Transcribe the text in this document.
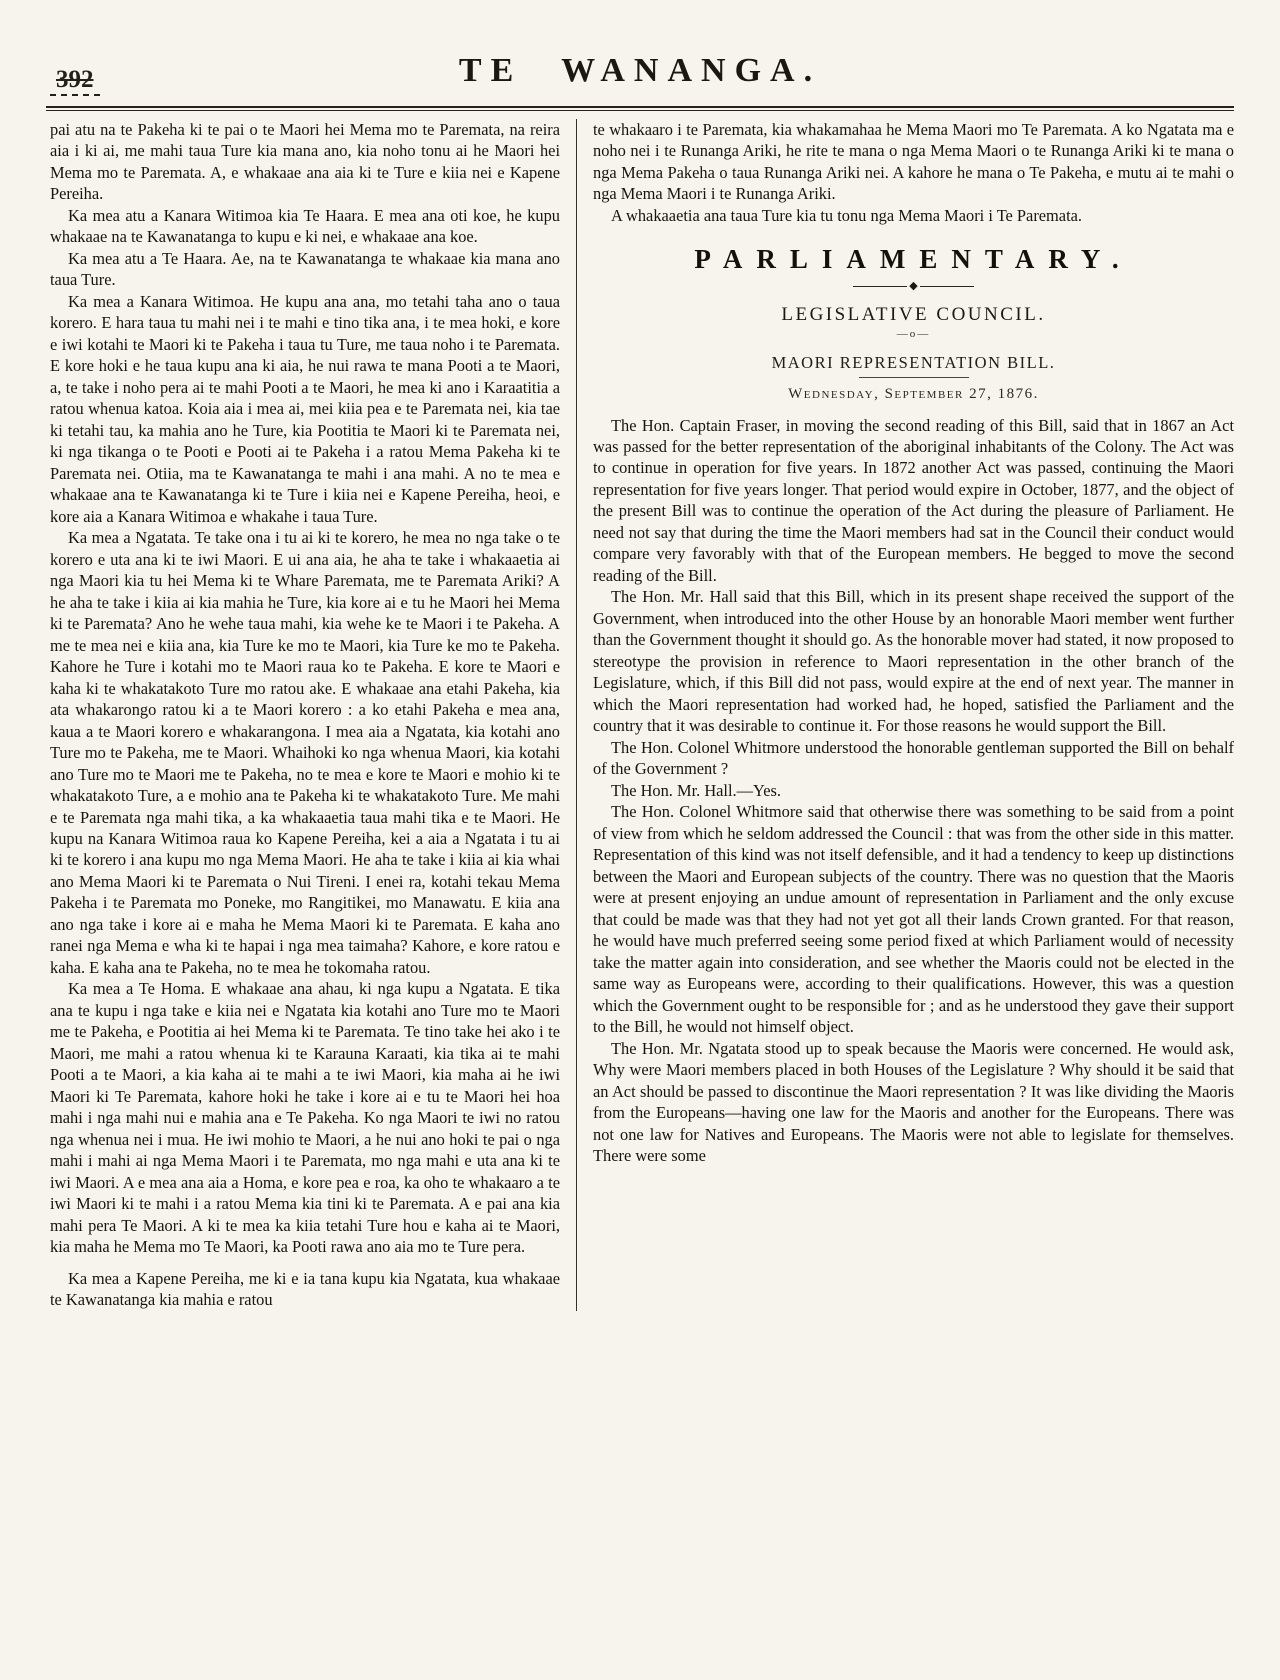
392	TE WANANGA.

pai atu na te Pakeha ki te pai o te Maori hei Mema mo te Paremata, na reira aia i ki ai, me mahi taua Ture kia mana ano, kia noho tonu ai he Maori hei Mema mo te Paremata. A, e whakaae ana aia ki te Ture e kiia nei e Kapene Pereiha.

Ka mea atu a Kanara Witimoa kia Te Haara. E mea ana oti koe, he kupu whakaae na te Kawanatanga to kupu e ki nei, e whakaae ana koe.

Ka mea atu a Te Haara. Ae, na te Kawanatanga te whakaae kia mana ano taua Ture.

Ka mea a Kanara Witimoa. He kupu ana ana, mo tetahi taha ano o taua korero. E hara taua tu mahi nei i te mahi e tino tika ana, i te mea hoki, e kore e iwi kotahi te Maori ki te Pakeha i taua tu Ture, me taua noho i te Paremata. E kore hoki e he taua kupu ana ki aia, he nui rawa te mana Pooti a te Maori, a, te take i noho pera ai te mahi Pooti a te Maori, he mea ki ano i Karaatitia a ratou whenua katoa. Koia aia i mea ai, mei kiia pea e te Paremata nei, kia tae ki tetahi tau, ka mahia ano he Ture, kia Pootitia te Maori ki te Paremata nei, ki nga tikanga o te Pooti e Pooti ai te Pakeha i a ratou Mema Pakeha ki te Paremata nei. Otiia, ma te Kawanatanga te mahi i ana mahi. A no te mea e whakaae ana te Kawanatanga ki te Ture i kiia nei e Kapene Pereiha, heoi, e kore aia a Kanara Witimoa e whakahe i taua Ture.

Ka mea a Ngatata. Te take ona i tu ai ki te korero, he mea no nga take o te korero e uta ana ki te iwi Maori. E ui ana aia, he aha te take i whakaaetia ai nga Maori kia tu hei Mema ki te Whare Paremata, me te Paremata Ariki? A he aha te take i kiia ai kia mahia he Ture, kia kore ai e tu he Maori hei Mema ki te Paremata? Ano he wehe taua mahi, kia wehe ke te Maori i te Pakeha. A me te mea nei e kiia ana, kia Ture ke mo te Maori, kia Ture ke mo te Pakeha. Kahore he Ture i kotahi mo te Maori raua ko te Pakeha. E kore te Maori e kaha ki te whakatakoto Ture mo ratou ake. E whakaae ana etahi Pakeha, kia ata whakarongo ratou ki a te Maori korero : a ko etahi Pakeha e mea ana, kaua a te Maori korero e whakarangona. I mea aia a Ngatata, kia kotahi ano Ture mo te Pakeha, me te Maori. Whaihoki ko nga whenua Maori, kia kotahi ano Ture mo te Maori me te Pakeha, no te mea e kore te Maori e mohio ki te whakatakoto Ture, a e mohio ana te Pakeha ki te whakatakoto Ture. Me mahi e te Paremata nga mahi tika, a ka whakaaetia taua mahi tika e te Maori. He kupu na Kanara Witimoa raua ko Kapene Pereiha, kei a aia a Ngatata i tu ai ki te korero i ana kupu mo nga Mema Maori. He aha te take i kiia ai kia whai ano Mema Maori ki te Paremata o Nui Tireni. I enei ra, kotahi tekau Mema Pakeha i te Paremata mo Poneke, mo Rangitikei, mo Manawatu. E kiia ana ano nga take i kore ai e maha he Mema Maori ki te Paremata. E kaha ano ranei nga Mema e wha ki te hapai i nga mea taimaha? Kahore, e kore ratou e kaha. E kaha ana te Pakeha, no te mea he tokomaha ratou.

Ka mea a Te Homa. E whakaae ana ahau, ki nga kupu a Ngatata. E tika ana te kupu i nga take e kiia nei e Ngatata kia kotahi ano Ture mo te Maori me te Pakeha, e Pootitia ai hei Mema ki te Paremata. Te tino take hei ako i te Maori, me mahi a ratou whenua ki te Karauna Karaati, kia tika ai te mahi Pooti a te Maori, a kia kaha ai te mahi a te iwi Maori, kia maha ai he iwi Maori ki Te Paremata, kahore hoki he take i kore ai e tu te Maori hei hoa mahi i nga mahi nui e mahia ana e Te Pakeha. Ko nga Maori te iwi no ratou nga whenua nei i mua. He iwi mohio te Maori, a he nui ano hoki te pai o nga mahi i mahi ai nga Mema Maori i te Paremata, mo nga mahi e uta ana ki te iwi Maori. A e mea ana aia a Homa, e kore pea e roa, ka oho te whakaaro a te iwi Maori ki te mahi i a ratou Mema kia tini ki te Paremata. A e pai ana kia mahi pera Te Maori. A ki te mea ka kiia tetahi Ture hou e kaha ai te Maori, kia maha he Mema mo Te Maori, ka Pooti rawa ano aia mo te Ture pera.

Ka mea a Kapene Pereiha, me ki e ia tana kupu kia Ngatata, kua whakaae te Kawanatanga kia mahia e ratou

te whakaaro i te Paremata, kia whakamahaa he Mema Maori mo Te Paremata. A ko Ngatata ma e noho nei i te Runanga Ariki, he rite te mana o nga Mema Maori o te Runanga Ariki ki te mana o nga Mema Pakeha o taua Runanga Ariki nei. A kahore he mana o Te Pakeha, e mutu ai te mahi o nga Mema Maori i te Runanga Ariki.

A whakaaetia ana taua Ture kia tu tonu nga Mema Maori i Te Paremata.

PARLIAMENTARY.
◆
LEGISLATIVE COUNCIL.
—o—
MAORI REPRESENTATION BILL.
Wednesday, September 27, 1876.

The Hon. Captain Fraser, in moving the second reading of this Bill, said that in 1867 an Act was passed for the better representation of the aboriginal inhabitants of the Colony. The Act was to continue in operation for five years. In 1872 another Act was passed, continuing the Maori representation for five years longer. That period would expire in October, 1877, and the object of the present Bill was to continue the operation of the Act during the pleasure of Parliament. He need not say that during the time the Maori members had sat in the Council their conduct would compare very favorably with that of the European members. He begged to move the second reading of the Bill.

The Hon. Mr. Hall said that this Bill, which in its present shape received the support of the Government, when introduced into the other House by an honorable Maori member went further than the Government thought it should go. As the honorable mover had stated, it now proposed to stereotype the provision in reference to Maori representation in the other branch of the Legislature, which, if this Bill did not pass, would expire at the end of next year. The manner in which the Maori representation had worked had, he hoped, satisfied the Parliament and the country that it was desirable to continue it. For those reasons he would support the Bill.

The Hon. Colonel Whitmore understood the honorable gentleman supported the Bill on behalf of the Government ?

The Hon. Mr. Hall.—Yes.

The Hon. Colonel Whitmore said that otherwise there was something to be said from a point of view from which he seldom addressed the Council : that was from the other side in this matter. Representation of this kind was not itself defensible, and it had a tendency to keep up distinctions between the Maori and European subjects of the country. There was no question that the Maoris were at present enjoying an undue amount of representation in Parliament and the only excuse that could be made was that they had not yet got all their lands Crown granted. For that reason, he would have much preferred seeing some period fixed at which Parliament would of necessity take the matter again into consideration, and see whether the Maoris could not be elected in the same way as Europeans were, according to their qualifications. However, this was a question which the Government ought to be responsible for ; and as he understood they gave their support to the Bill, he would not himself object.

The Hon. Mr. Ngatata stood up to speak because the Maoris were concerned. He would ask, Why were Maori members placed in both Houses of the Legislature ? Why should it be said that an Act should be passed to discontinue the Maori representation ? It was like dividing the Maoris from the Europeans—having one law for the Maoris and another for the Europeans. There was not one law for Natives and Europeans. The Maoris were not able to legislate for themselves. There were some
